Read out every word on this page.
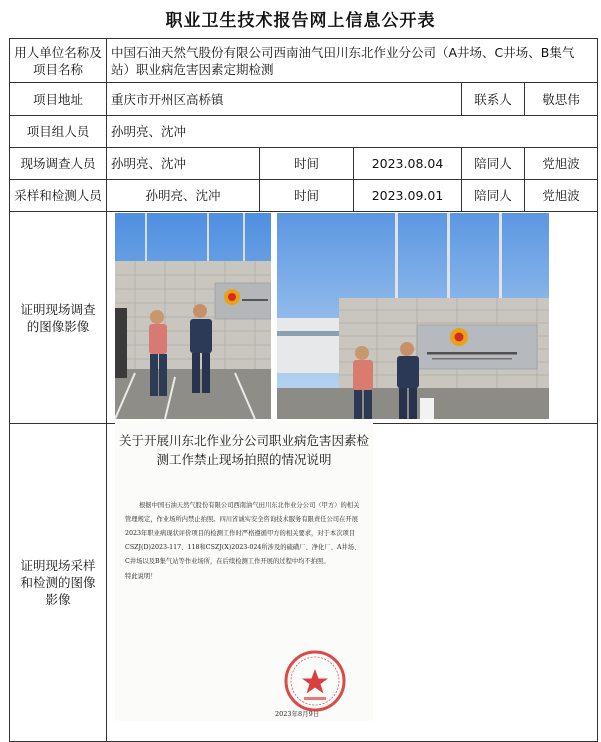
职业卫生技术报告网上信息公开表
用人单位名称及项目名称	中国石油天然气股份有限公司西南油气田川东北作业分公司（A井场、C井场、B集气站）职业病危害因素定期检测				
项目地址	重庆市开州区高桥镇			联系人	敬思伟
项目组人员	孙明亮、沈冲				
现场调查人员	孙明亮、沈冲	时间	2023.08.04	陪同人	党旭波
采样和检测人员	孙明亮、沈冲	时间	2023.09.01	陪同人	党旭波
证明现场调查的图像影像					
证明现场采样和检测的图像影像					
关于开展川东北作业分公司职业病危害因素检测工作禁止现场拍照的情况说明
根据中国石油天然气股份有限公司西南油气田川东北作业分公司（甲方）的相关管理规定，作业场所内禁止拍照。四川省诚实安全咨询技术服务有限责任公司在开展2023年职业病现状评价项目的检测工作时严格遵循甲方的相关要求，对于本次项目CSZJ(D)2023-117、118和CSZJ(X)2023-024所涉及的硫磺厂、净化厂、A井场、C井场以及B集气站等作业场所，在后续检测工作开展的过程中均不拍照。
特此说明！
2023年8月9日
